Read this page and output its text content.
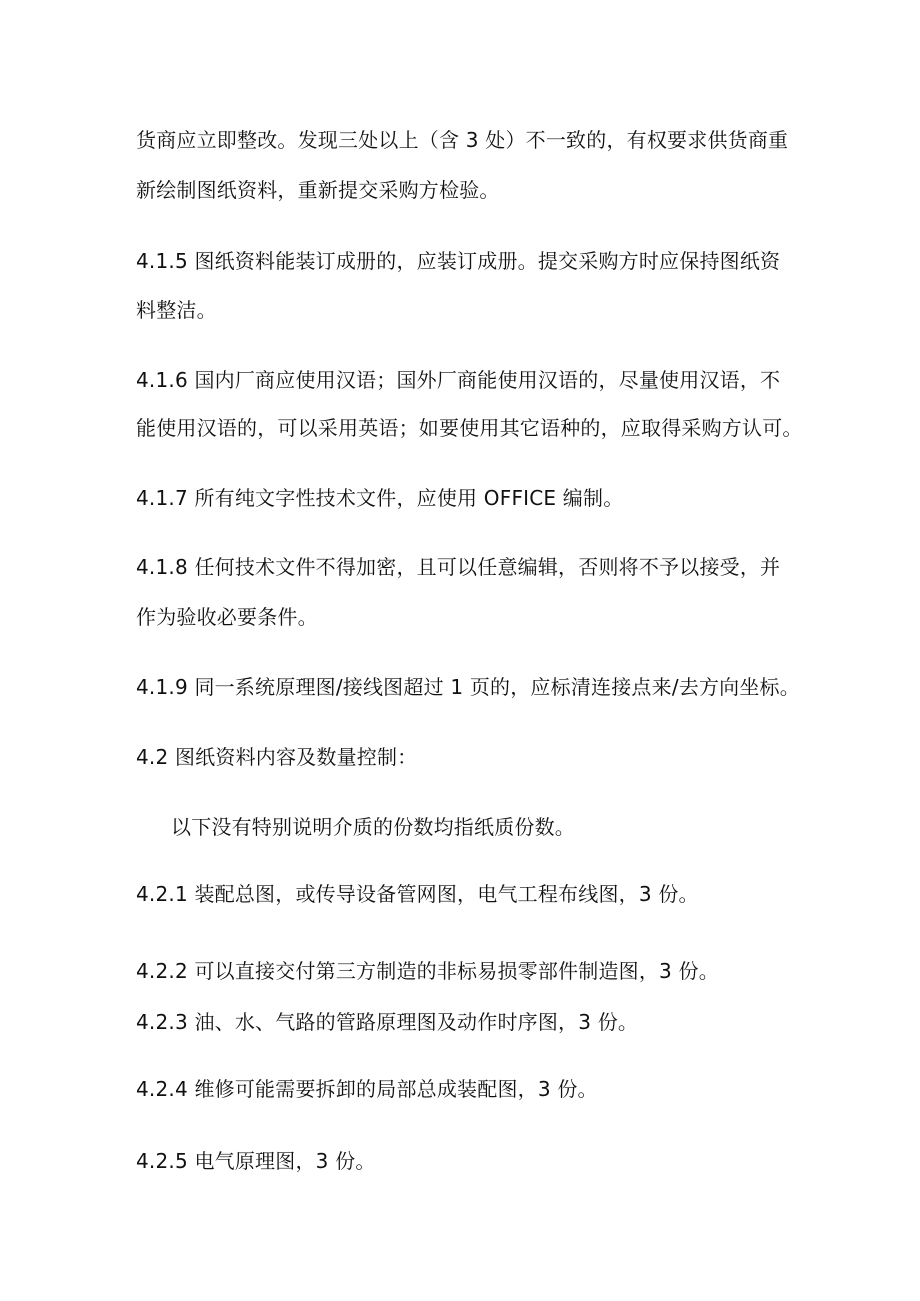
货商应立即整改。发现三处以上（含 3 处）不一致的，有权要求供货商重
新绘制图纸资料，重新提交采购方检验。
4.1.5 图纸资料能装订成册的，应装订成册。提交采购方时应保持图纸资
料整洁。
4.1.6 国内厂商应使用汉语；国外厂商能使用汉语的，尽量使用汉语，不
能使用汉语的，可以采用英语；如要使用其它语种的，应取得采购方认可。
4.1.7 所有纯文字性技术文件，应使用 OFFICE 编制。
4.1.8 任何技术文件不得加密，且可以任意编辑，否则将不予以接受，并
作为验收必要条件。
4.1.9 同一系统原理图/接线图超过 1 页的，应标清连接点来/去方向坐标。
4.2 图纸资料内容及数量控制：
以下没有特别说明介质的份数均指纸质份数。
4.2.1 装配总图，或传导设备管网图，电气工程布线图，3 份。
4.2.2 可以直接交付第三方制造的非标易损零部件制造图，3 份。
4.2.3 油、水、气路的管路原理图及动作时序图，3 份。
4.2.4 维修可能需要拆卸的局部总成装配图，3 份。
4.2.5 电气原理图，3 份。
